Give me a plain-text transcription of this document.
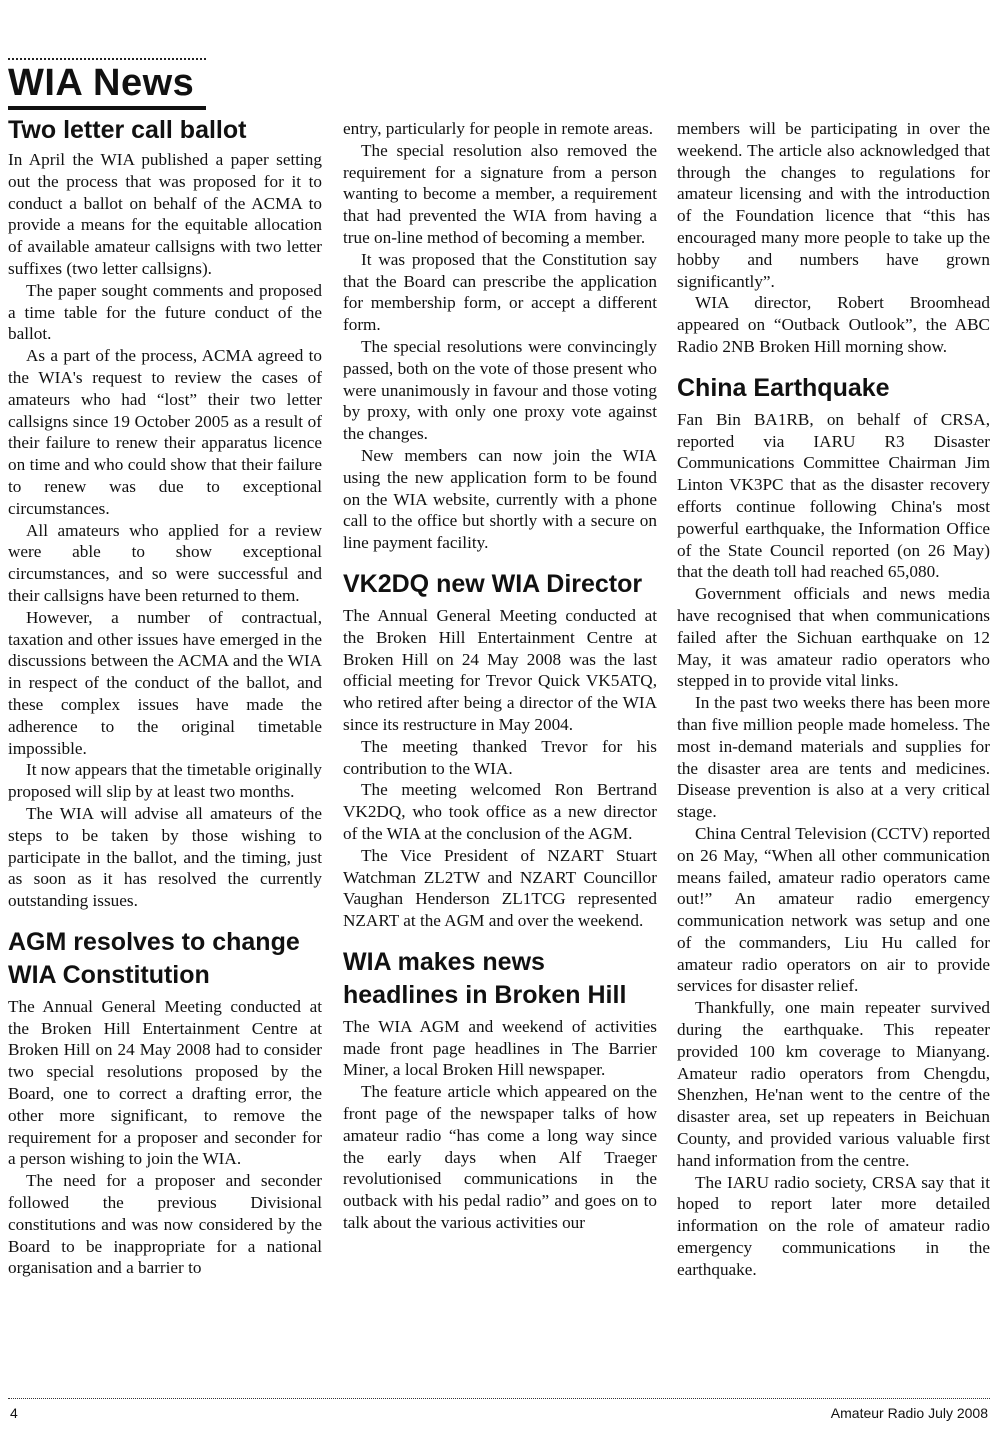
WIA News
Two letter call ballot

In April the WIA published a paper setting out the process that was proposed for it to conduct a ballot on behalf of the ACMA to provide a means for the equitable allocation of available amateur callsigns with two letter suffixes (two letter callsigns).

The paper sought comments and proposed a time table for the future conduct of the ballot.

As a part of the process, ACMA agreed to the WIA's request to review the cases of amateurs who had “lost” their two letter callsigns since 19 October 2005 as a result of their failure to renew their apparatus licence on time and who could show that their failure to renew was due to exceptional circumstances.

All amateurs who applied for a review were able to show exceptional circumstances, and so were successful and their callsigns have been returned to them.

However, a number of contractual, taxation and other issues have emerged in the discussions between the ACMA and the WIA in respect of the conduct of the ballot, and these complex issues have made the adherence to the original timetable impossible.

It now appears that the timetable originally proposed will slip by at least two months.

The WIA will advise all amateurs of the steps to be taken by those wishing to participate in the ballot, and the timing, just as soon as it has resolved the currently outstanding issues.

AGM resolves to change WIA Constitution

The Annual General Meeting conducted at the Broken Hill Entertainment Centre at Broken Hill on 24 May 2008 had to consider two special resolutions proposed by the Board, one to correct a drafting error, the other more significant, to remove the requirement for a proposer and seconder for a person wishing to join the WIA.

The need for a proposer and seconder followed the previous Divisional constitutions and was now considered by the Board to be inappropriate for a national organisation and a barrier to

entry, particularly for people in remote areas.

The special resolution also removed the requirement for a signature from a person wanting to become a member, a requirement that had prevented the WIA from having a true on-line method of becoming a member.

It was proposed that the Constitution say that the Board can prescribe the application for membership form, or accept a different form.

The special resolutions were convincingly passed, both on the vote of those present who were unanimously in favour and those voting by proxy, with only one proxy vote against the changes.

New members can now join the WIA using the new application form to be found on the WIA website, currently with a phone call to the office but shortly with a secure on line payment facility.

VK2DQ new WIA Director

The Annual General Meeting conducted at the Broken Hill Entertainment Centre at Broken Hill on 24 May 2008 was the last official meeting for Trevor Quick VK5ATQ, who retired after being a director of the WIA since its restructure in May 2004.

The meeting thanked Trevor for his contribution to the WIA.

The meeting welcomed Ron Bertrand VK2DQ, who took office as a new director of the WIA at the conclusion of the AGM.

The Vice President of NZART Stuart Watchman ZL2TW and NZART Councillor Vaughan Henderson ZL1TCG represented NZART at the AGM and over the weekend.

WIA makes news headlines in Broken Hill

The WIA AGM and weekend of activities made front page headlines in The Barrier Miner, a local Broken Hill newspaper.

The feature article which appeared on the front page of the newspaper talks of how amateur radio “has come a long way since the early days when Alf Traeger revolutionised communications in the outback with his pedal radio” and goes on to talk about the various activities our

members will be participating in over the weekend. The article also acknowledged that through the changes to regulations for amateur licensing and with the introduction of the Foundation licence that “this has encouraged many more people to take up the hobby and numbers have grown significantly”.

WIA director, Robert Broomhead appeared on “Outback Outlook”, the ABC Radio 2NB Broken Hill morning show.

China Earthquake

Fan Bin BA1RB, on behalf of CRSA, reported via IARU R3 Disaster Communications Committee Chairman Jim Linton VK3PC that as the disaster recovery efforts continue following China's most powerful earthquake, the Information Office of the State Council reported (on 26 May) that the death toll had reached 65,080.

Government officials and news media have recognised that when communications failed after the Sichuan earthquake on 12 May, it was amateur radio operators who stepped in to provide vital links.

In the past two weeks there has been more than five million people made homeless. The most in-demand materials and supplies for the disaster area are tents and medicines. Disease prevention is also at a very critical stage.

China Central Television (CCTV) reported on 26 May, “When all other communication means failed, amateur radio operators came out!” An amateur radio emergency communication network was setup and one of the commanders, Liu Hu called for amateur radio operators on air to provide services for disaster relief.

Thankfully, one main repeater survived during the earthquake. This repeater provided 100 km coverage to Mianyang. Amateur radio operators from Chengdu, Shenzhen, He'nan went to the centre of the disaster area, set up repeaters in Beichuan County, and provided various valuable first hand information from the centre.

The IARU radio society, CRSA say that it hoped to report later more detailed information on the role of amateur radio emergency communications in the earthquake.

4	Amateur Radio July 2008
